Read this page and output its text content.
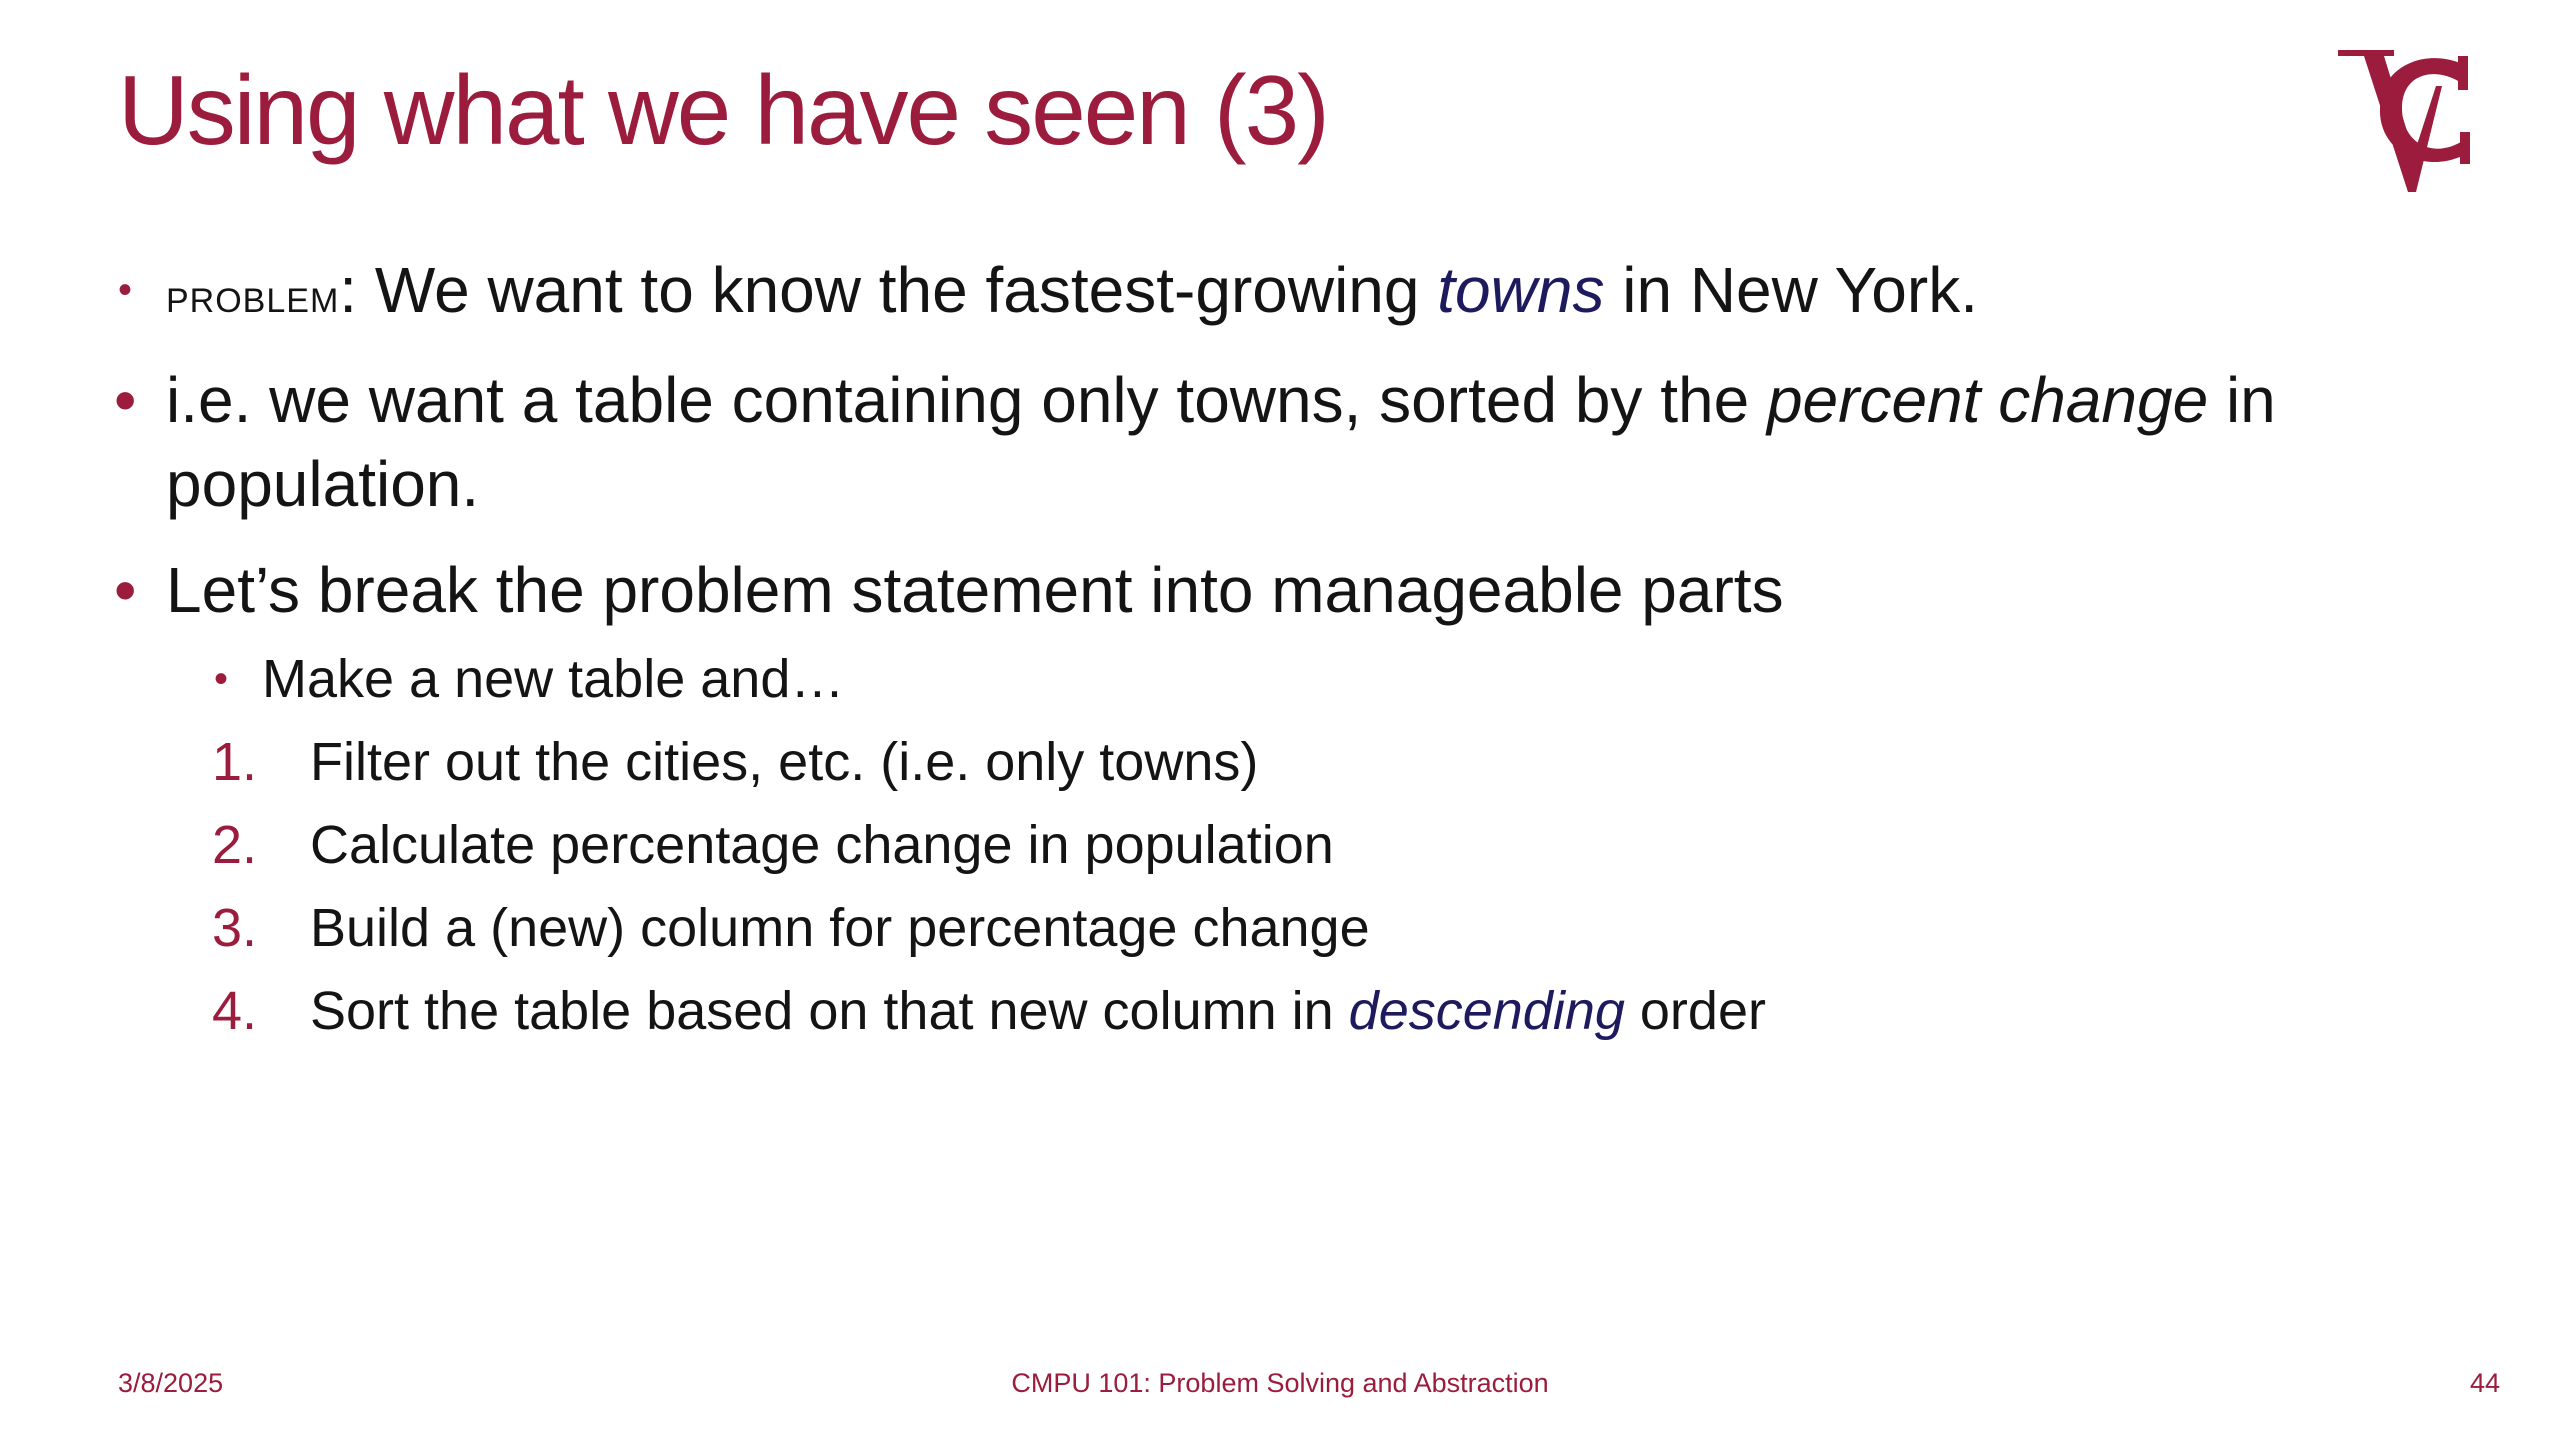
Using what we have seen (3)
• problem: We want to know the fastest-growing towns in New York.
• i.e. we want a table containing only towns, sorted by the percent change in
population.
• Let’s break the problem statement into manageable parts
• Make a new table and…
1. Filter out the cities, etc. (i.e. only towns)
2. Calculate percentage change in population
3. Build a (new) column for percentage change
4. Sort the table based on that new column in descending order
3/8/2025	CMPU 101: Problem Solving and Abstraction	44
